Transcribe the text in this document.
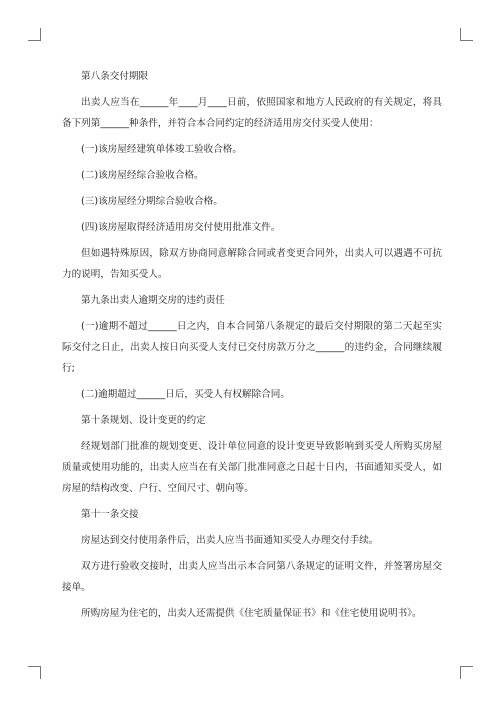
第八条交付期限
出卖人应当在______年____月____日前，依照国家和地方人民政府的有关规定，将具备下列第______种条件，并符合本合同约定的经济适用房交付买受人使用：
(一)该房屋经建筑单体竣工验收合格。
(二)该房屋经综合验收合格。
(三)该房屋经分期综合验收合格。
(四)该房屋取得经济适用房交付使用批准文件。
但如遇特殊原因，除双方协商同意解除合同或者变更合同外，出卖人可以遇遇不可抗力的说明，告知买受人。
第九条出卖人逾期交房的违约责任
(一)逾期不超过______日之内，自本合同第八条规定的最后交付期限的第二天起至实际交付之日止，出卖人按日向买受人支付已交付房款万分之______的违约金，合同继续履行;
(二)逾期超过______日后，买受人有权解除合同。
第十条规划、设计变更的约定
经规划部门批准的规划变更、设计单位同意的设计变更导致影响到买受人所购买房屋质量或使用功能的，出卖人应当在有关部门批准同意之日起十日内，书面通知买受人，如房屋的结构改变、户行、空间尺寸、朝向等。
第十一条交接
房屋达到交付使用条件后，出卖人应当书面通知买受人办理交付手续。
双方进行验收交接时，出卖人应当出示本合同第八条规定的证明文件，并签署房屋交接单。
所购房屋为住宅的，出卖人还需提供《住宅质量保证书》和《住宅使用说明书》。
